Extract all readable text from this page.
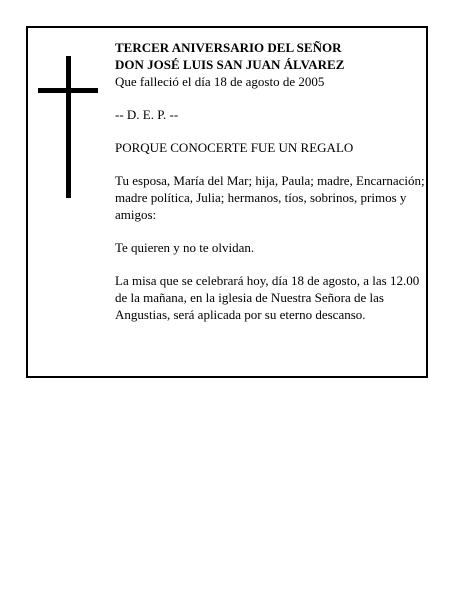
TERCER ANIVERSARIO DEL SEÑOR

DON JOSÉ LUIS SAN JUAN ÁLVAREZ

Que falleció el día 18 de agosto de 2005

-- D. E. P. --

PORQUE CONOCERTE FUE UN REGALO

Tu esposa, María del Mar; hija, Paula; madre, Encarnación; madre política, Julia; hermanos, tíos, sobrinos, primos y amigos:

Te quieren y no te olvidan.

La misa que se celebrará hoy, día 18 de agosto, a las 12.00 de la mañana, en la iglesia de Nuestra Señora de las Angustias, será aplicada por su eterno descanso.
